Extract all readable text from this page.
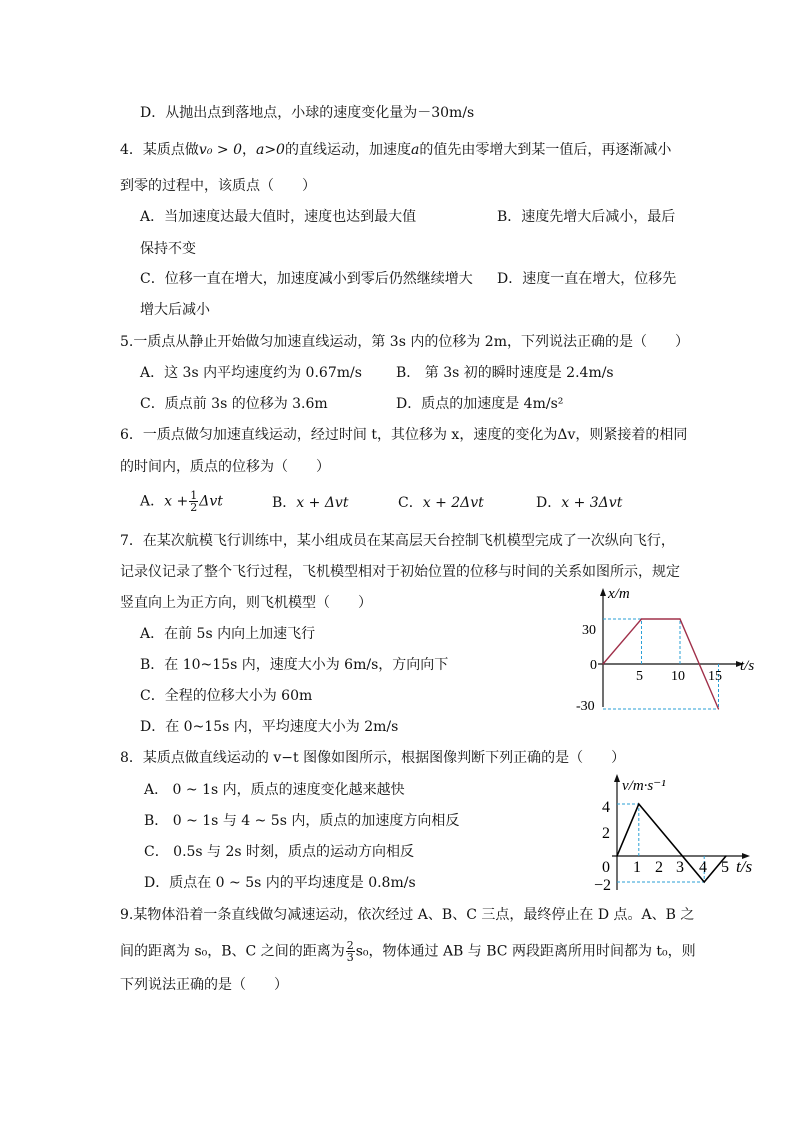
D．从抛出点到落地点，小球的速度变化量为－30m/s
4．某质点做v₀ > 0，a>0的直线运动，加速度a的值先由零增大到某一值后，再逐渐减小
到零的过程中，该质点（　　）
A．当加速度达最大值时，速度也达到最大值	B．速度先增大后减小，最后
保持不变
C．位移一直在增大，加速度减小到零后仍然继续增大 D．速度一直在增大，位移先
增大后减小
5.一质点从静止开始做匀加速直线运动，第 3s 内的位移为 2m，下列说法正确的是（　　）
A．这 3s 内平均速度约为 0.67m/s B． 第 3s 初的瞬时速度是 2.4m/s
C．质点前 3s 的位移为 3.6m	D．质点的加速度是 4m/s²
6．一质点做匀加速直线运动，经过时间 t，其位移为 x，速度的变化为Δv，则紧接着的相同
的时间内，质点的位移为（　　）
A．$x + \frac{1}{2}$ Δvt	B．x + Δvt	C．x + 2Δvt	D．x + 3Δvt
7．在某次航模飞行训练中，某小组成员在某高层天台控制飞机模型完成了一次纵向飞行，
记录仪记录了整个飞行过程，飞机模型相对于初始位置的位移与时间的关系如图所示，规定
竖直向上为正方向，则飞机模型（　　）
A．在前 5s 内向上加速飞行
B．在 10~15s 内，速度大小为 6m/s，方向向下
C．全程的位移大小为 60m
D．在 0~15s 内，平均速度大小为 2m/s
x/m
t/s
0
30
-30
5 10 15
8．某质点做直线运动的 v−t 图像如图所示，根据图像判断下列正确的是（　　）
A． 0 ~ 1s 内，质点的速度变化越来越快
B． 0 ~ 1s 与 4 ~ 5s 内，质点的加速度方向相反
C． 0.5s 与 2s 时刻，质点的运动方向相反
D．质点在 0 ~ 5s 内的平均速度是 0.8m/s
v/m·s⁻¹
t/s
4
2
−2
0 1 2 3 4 5
9.某物体沿着一条直线做匀减速运动，依次经过 A、B、C 三点，最终停止在 D 点。A、B 之
间的距离为 s₀，B、C 之间的距离为 $\frac{2}{3} s_0$，物体通过 AB 与 BC 两段距离所用时间都为 t₀，则
下列说法正确的是（　　）
